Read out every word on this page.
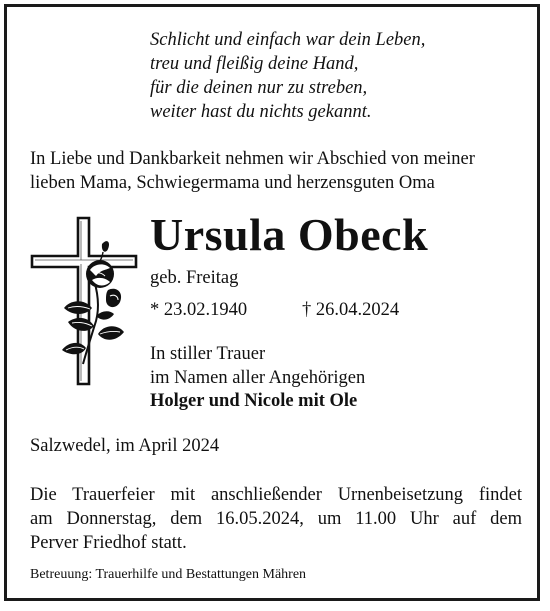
Schlicht und einfach war dein Leben,
treu und fleißig deine Hand,
für die deinen nur zu streben,
weiter hast du nichts gekannt.
In Liebe und Dankbarkeit nehmen wir Abschied von meiner
lieben Mama, Schwiegermama und herzensguten Oma
Ursula Obeck
geb. Freitag
* 23.02.1940	† 26.04.2024
In stiller Trauer
im Namen aller Angehörigen
Holger und Nicole mit Ole
Salzwedel, im April 2024
Die Trauerfeier mit anschließender Urnenbeisetzung findet
am Donnerstag, dem 16.05.2024, um 11.00 Uhr auf dem
Perver Friedhof statt.
Betreuung: Trauerhilfe und Bestattungen Mähren
